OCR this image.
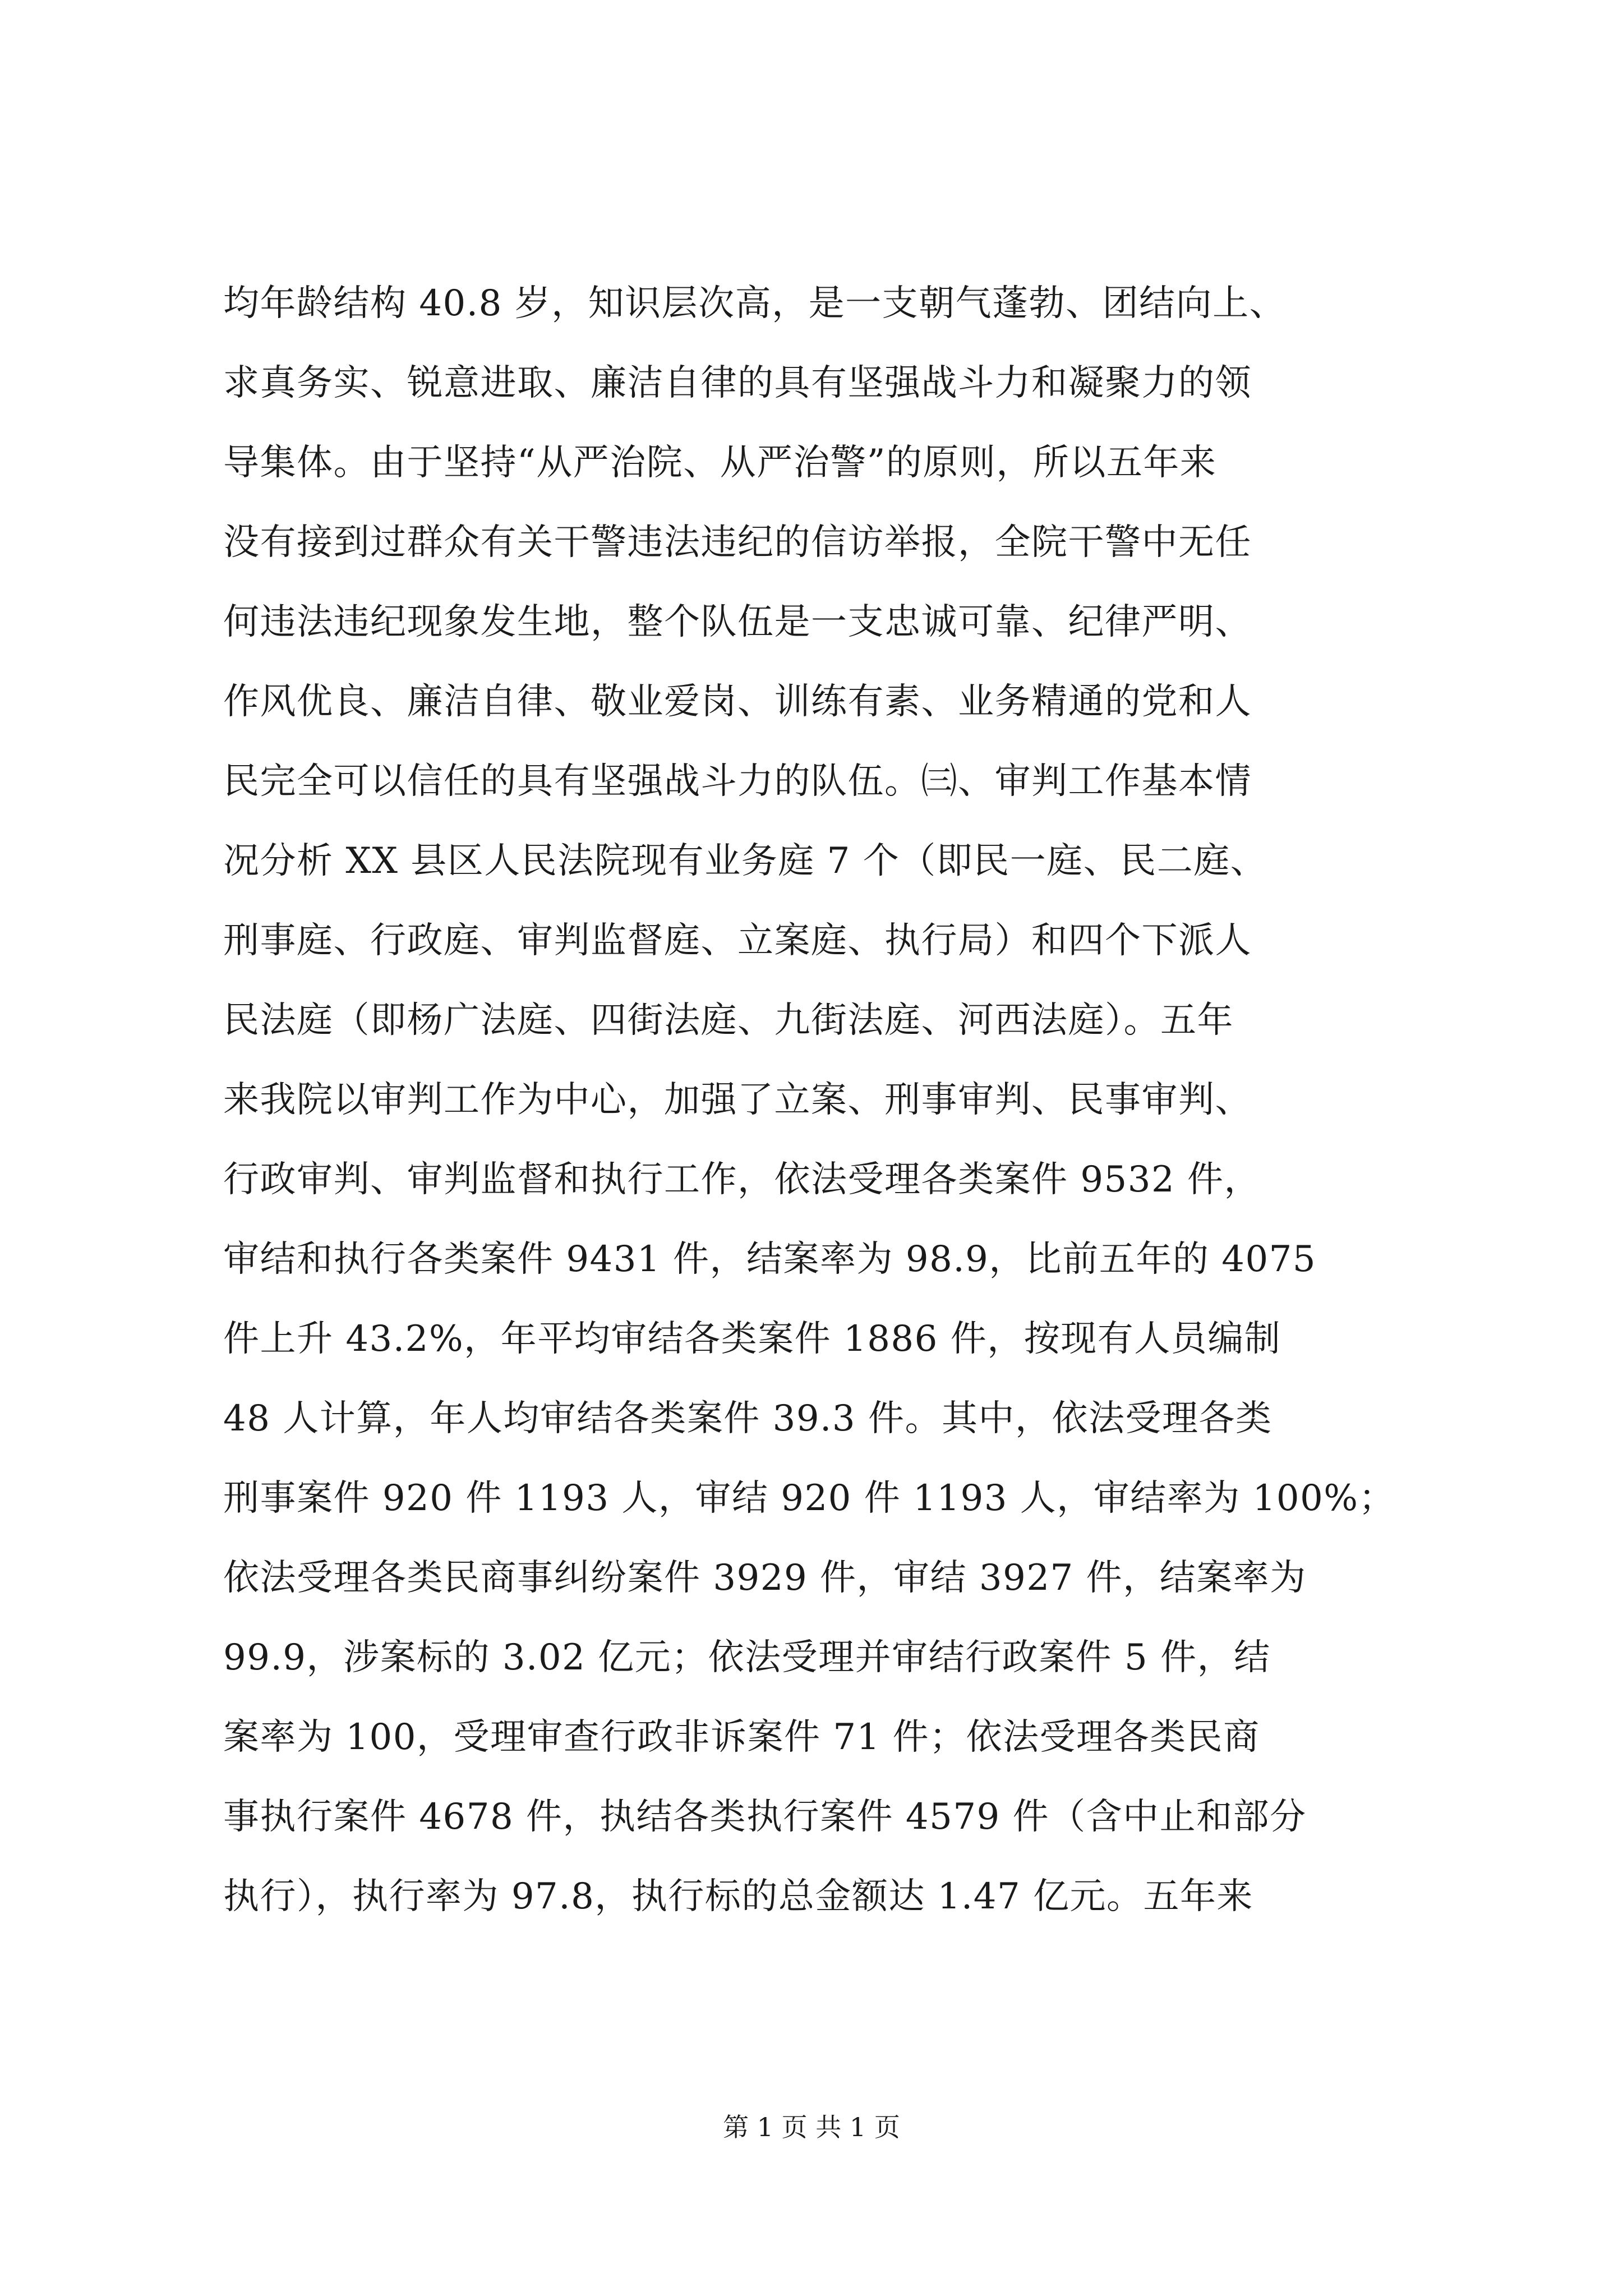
均年龄结构 40.8 岁，知识层次高，是一支朝气蓬勃、团结向上、
求真务实、锐意进取、廉洁自律的具有坚强战斗力和凝聚力的领
导集体。由于坚持“从严治院、从严治警”的原则，所以五年来
没有接到过群众有关干警违法违纪的信访举报，全院干警中无任
何违法违纪现象发生地，整个队伍是一支忠诚可靠、纪律严明、
作风优良、廉洁自律、敬业爱岗、训练有素、业务精通的党和人
民完全可以信任的具有坚强战斗力的队伍。㈢、审判工作基本情
况分析 XX 县区人民法院现有业务庭 7 个（即民一庭、民二庭、
刑事庭、行政庭、审判监督庭、立案庭、执行局）和四个下派人
民法庭（即杨广法庭、四街法庭、九街法庭、河西法庭）。五年
来我院以审判工作为中心，加强了立案、刑事审判、民事审判、
行政审判、审判监督和执行工作，依法受理各类案件 9532 件，
审结和执行各类案件 9431 件，结案率为 98.9，比前五年的 4075
件上升 43.2%，年平均审结各类案件 1886 件，按现有人员编制
48 人计算，年人均审结各类案件 39.3 件。其中，依法受理各类
刑事案件 920 件 1193 人，审结 920 件 1193 人，审结率为 100%；
依法受理各类民商事纠纷案件 3929 件，审结 3927 件，结案率为
99.9，涉案标的 3.02 亿元；依法受理并审结行政案件 5 件，结
案率为 100，受理审查行政非诉案件 71 件；依法受理各类民商
事执行案件 4678 件，执结各类执行案件 4579 件（含中止和部分
执行），执行率为 97.8，执行标的总金额达 1.47 亿元。五年来
第 1 页 共 1 页
